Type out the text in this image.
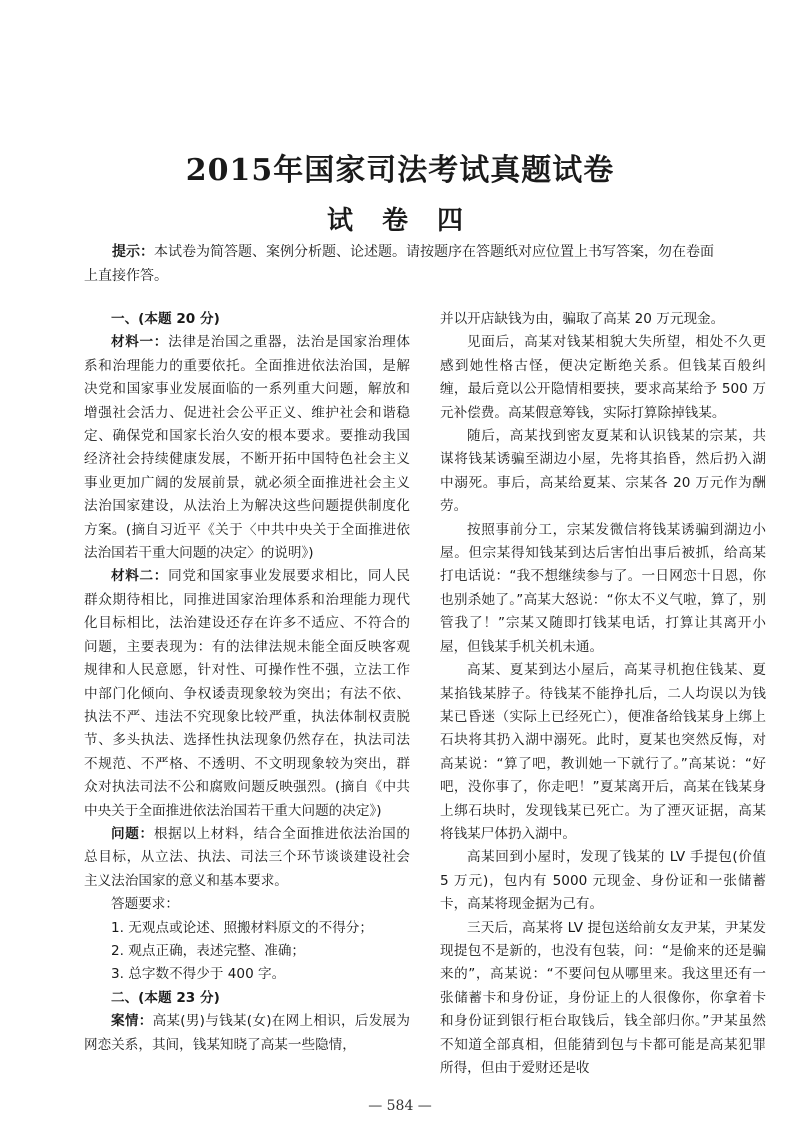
2015年国家司法考试真题试卷
试 卷 四
提示：本试卷为简答题、案例分析题、论述题。请按题序在答题纸对应位置上书写答案，勿在卷面上直接作答。

一、(本题 20 分)

材料一：法律是治国之重器，法治是国家治理体系和治理能力的重要依托。全面推进依法治国，是解决党和国家事业发展面临的一系列重大问题，解放和增强社会活力、促进社会公平正义、维护社会和谐稳定、确保党和国家长治久安的根本要求。要推动我国经济社会持续健康发展，不断开拓中国特色社会主义事业更加广阔的发展前景，就必须全面推进社会主义法治国家建设，从法治上为解决这些问题提供制度化方案。(摘自习近平《关于〈中共中央关于全面推进依法治国若干重大问题的决定〉的说明》)

材料二：同党和国家事业发展要求相比，同人民群众期待相比，同推进国家治理体系和治理能力现代化目标相比，法治建设还存在许多不适应、不符合的问题，主要表现为：有的法律法规未能全面反映客观规律和人民意愿，针对性、可操作性不强，立法工作中部门化倾向、争权诿责现象较为突出；有法不依、执法不严、违法不究现象比较严重，执法体制权责脱节、多头执法、选择性执法现象仍然存在，执法司法不规范、不严格、不透明、不文明现象较为突出，群众对执法司法不公和腐败问题反映强烈。(摘自《中共中央关于全面推进依法治国若干重大问题的决定》)

问题：根据以上材料，结合全面推进依法治国的总目标，从立法、执法、司法三个环节谈谈建设社会主义法治国家的意义和基本要求。

答题要求：

1. 无观点或论述、照搬材料原文的不得分；

2. 观点正确，表述完整、准确；

3. 总字数不得少于 400 字。

二、(本题 23 分)

案情：高某(男)与钱某(女)在网上相识，后发展为网恋关系，其间，钱某知晓了高某一些隐情，

并以开店缺钱为由，骗取了高某 20 万元现金。

见面后，高某对钱某相貌大失所望，相处不久更感到她性格古怪，便决定断绝关系。但钱某百般纠缠，最后竟以公开隐情相要挟，要求高某给予 500 万元补偿费。高某假意筹钱，实际打算除掉钱某。

随后，高某找到密友夏某和认识钱某的宗某，共谋将钱某诱骗至湖边小屋，先将其掐昏，然后扔入湖中溺死。事后，高某给夏某、宗某各 20 万元作为酬劳。

按照事前分工，宗某发微信将钱某诱骗到湖边小屋。但宗某得知钱某到达后害怕出事后被抓，给高某打电话说：“我不想继续参与了。一日网恋十日恩，你也别杀她了。”高某大怒说：“你太不义气啦，算了，别管我了！”宗某又随即打钱某电话，打算让其离开小屋，但钱某手机关机未通。

高某、夏某到达小屋后，高某寻机抱住钱某、夏某掐钱某脖子。待钱某不能挣扎后，二人均误以为钱某已昏迷（实际上已经死亡），便准备给钱某身上绑上石块将其扔入湖中溺死。此时，夏某也突然反悔，对高某说：“算了吧，教训她一下就行了。”高某说：“好吧，没你事了，你走吧！”夏某离开后，高某在钱某身上绑石块时，发现钱某已死亡。为了湮灭证据，高某将钱某尸体扔入湖中。

高某回到小屋时，发现了钱某的 LV 手提包(价值 5 万元)，包内有 5000 元现金、身份证和一张储蓄卡，高某将现金据为己有。

三天后，高某将 LV 提包送给前女友尹某，尹某发现提包不是新的，也没有包装，问：“是偷来的还是骗来的”，高某说：“不要问包从哪里来。我这里还有一张储蓄卡和身份证，身份证上的人很像你，你拿着卡和身份证到银行柜台取钱后，钱全部归你。”尹某虽然不知道全部真相，但能猜到包与卡都可能是高某犯罪所得，但由于爱财还是收

— 584 —
